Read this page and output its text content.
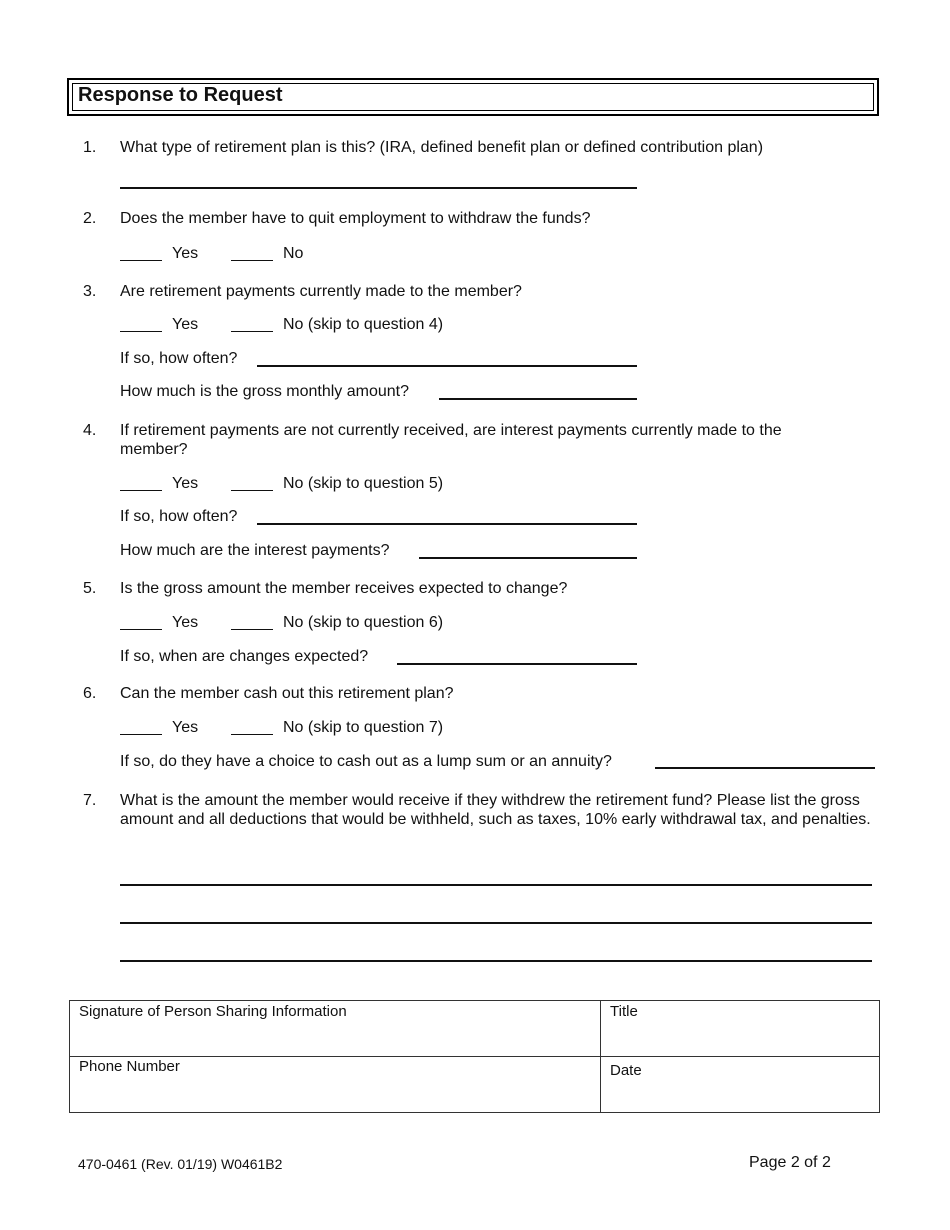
Response to Request
1. What type of retirement plan is this? (IRA, defined benefit plan or defined contribution plan)
2. Does the member have to quit employment to withdraw the funds?
Yes	No
3. Are retirement payments currently made to the member?
Yes	No (skip to question 4)
If so, how often?
How much is the gross monthly amount?
4. If retirement payments are not currently received, are interest payments currently made to the member?
Yes	No (skip to question 5)
If so, how often?
How much are the interest payments?
5. Is the gross amount the member receives expected to change?
Yes	No (skip to question 6)
If so, when are changes expected?
6. Can the member cash out this retirement plan?
Yes	No (skip to question 7)
If so, do they have a choice to cash out as a lump sum or an annuity?
7. What is the amount the member would receive if they withdrew the retirement fund? Please list the gross amount and all deductions that would be withheld, such as taxes, 10% early withdrawal tax, and penalties.
Signature of Person Sharing Information	Title
Phone Number	Date
470-0461 (Rev. 01/19) W0461B2	Page 2 of 2
